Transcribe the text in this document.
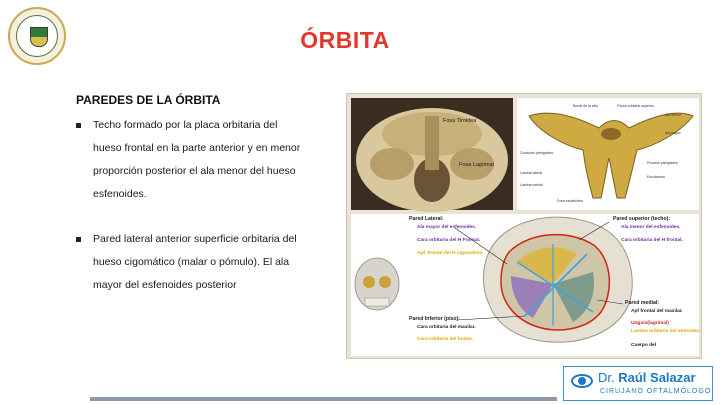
ÓRBITA
PAREDES DE LA ÓRBITA
Techo formado por la placa orbitaria del hueso frontal en la parte anterior y en menor proporción posterior el ala menor del hueso esfenoides.
Pared lateral anterior superficie orbitaria del hueso cigomático (malar o pómulo). El ala mayor del esfenoides posterior
Fosa Tiroidea
Fosa Lagrimal
Borde de la silla	Fisura orbitaria superior
Ala menor
Ala mayor
Conducto pterigoideo
Lámina lateral
Lámina medial
Proceso pterigoideo
Escotadura
Fosa escafoidea
Pared Lateral:
Ala mayor del esfenoides.
Cara orbitaria del H Frontal.
Apf. frontal del H cigomático.
Pared superior (techo):
Ala menor del esfenoides.
Cara orbitaria del H frontal.
Pared Inferior (piso):
Cara orbitaria del maxilar.
Cara orbitaria del hueso.
Pared medial:
Apf frontal del maxilar.
Unguis(lagrimal)
Lamina orbitaria del etmoides.
Cuerpo del
Dr. Raúl Salazar
CIRUJANO OFTALMÓLOGO
